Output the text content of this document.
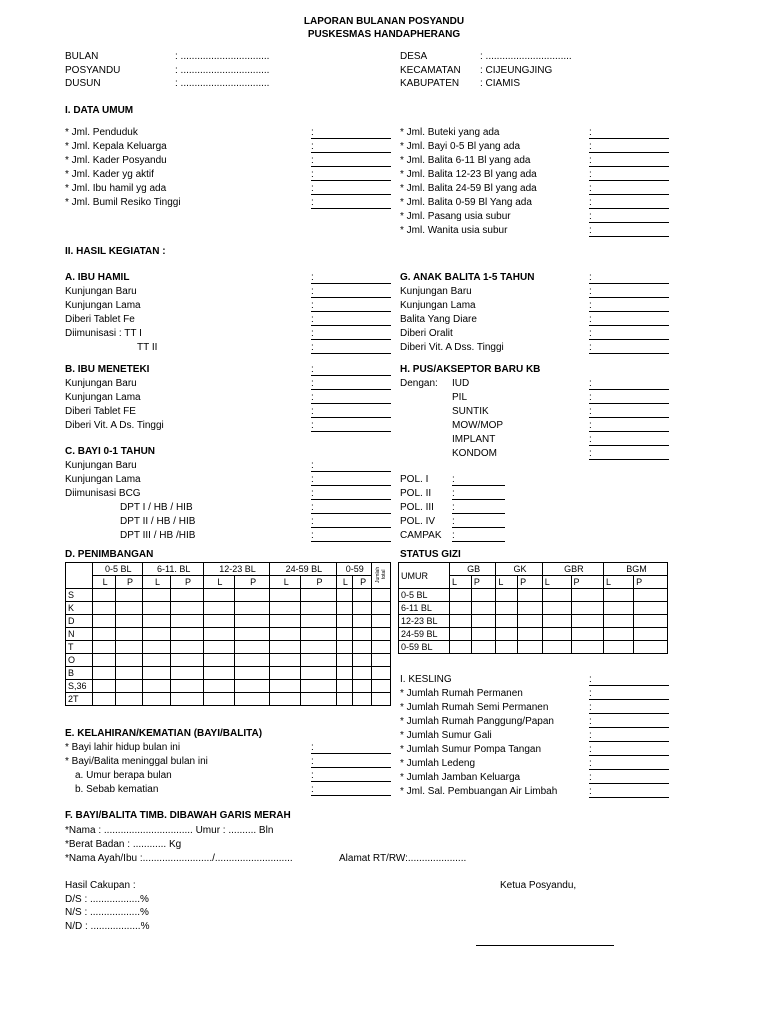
LAPORAN BULANAN POSYANDU
PUSKESMAS HANDAPHERANG
BULAN	: ................................
POSYANDU	: ................................
DUSUN	: ................................
DESA	: ...............................
KECAMATAN : CIJEUNGJING
KABUPATEN : CIAMIS
I. DATA UMUM
II. HASIL KEGIATAN :
D. PENIMBANGAN
	0-5 BL		6-11. BL		12-23 BL		24-59 BL		0-59		Jumlah total
	L	P	L	P	L	P	L	P	L	P	
S											
K											
D											
N											
T											
O											
B											
S,36											
2T											
STATUS GIZI
UMUR	GB		GK		GBR		BGM	
	L	P	L	P	L	P	L	P
0-5 BL								
6-11 BL								
12-23 BL								
24-59 BL								
0-59 BL								
F. BAYI/BALITA TIMB. DIBAWAH GARIS MERAH
*Nama : ................................ Umur : .......... Bln
*Berat Badan : ............ Kg
*Nama Ayah/Ibu :........................./............................	Alamat RT/RW:.....................
Hasil Cakupan :
D/S : ..................%
N/S : ..................%
N/D : ..................%
Ketua Posyandu,
* Jml. Penduduk	:
* Jml. Kepala Keluarga	:
* Jml. Kader Posyandu	:
* Jml. Kader yg aktif	:
* Jml. Ibu hamil yg ada	:
* Jml. Bumil Resiko Tinggi	:
* Jml. Buteki yang ada	:
* Jml. Bayi 0-5 Bl yang ada	:
* Jml. Balita 6-11 Bl yang ada	:
* Jml. Balita 12-23 Bl yang ada	:
* Jml. Balita 24-59 Bl yang ada	:
* Jml. Balita 0-59 Bl Yang ada	:
* Jml. Pasang usia subur	:
* Jml. Wanita usia subur	:
A. IBU HAMIL	:
Kunjungan Baru	:
Kunjungan Lama	:
Diberi Tablet Fe	:
Diimunisasi : TT I	:
TT II	:
B. IBU MENETEKI	:
Kunjungan Baru	:
Kunjungan Lama	:
Diberi Tablet FE	:
Diberi Vit. A Ds. Tinggi	:
C. BAYI 0-1 TAHUN
Kunjungan Baru	:
Kunjungan Lama	:
Diimunisasi BCG	:
DPT I / HB / HIB	:
DPT II / HB / HIB	:
DPT III / HB /HIB	:
G. ANAK BALITA 1-5 TAHUN	:
Kunjungan Baru	:
Kunjungan Lama	:
Balita Yang Diare	:
Diberi Oralit	:
Diberi Vit. A Dss. Tinggi	:
H. PUS/AKSEPTOR BARU KB
Dengan: IUD	:
PIL	:
SUNTIK	:
MOW/MOP	:
IMPLANT	:
KONDOM	:
POL. I :
POL. II :
POL. III :
POL. IV :
CAMPAK :
I. KESLING	:
* Jumlah Rumah Permanen	:
* Jumlah Rumah Semi Permanen	:
* Jumlah Rumah Panggung/Papan	:
* Jumlah Sumur Gali	:
* Jumlah Sumur Pompa Tangan	:
* Jumlah Ledeng	:
* Jumlah Jamban Keluarga	:
* Jml. Sal. Pembuangan Air Limbah	:
E. KELAHIRAN/KEMATIAN (BAYI/BALITA)
* Bayi lahir hidup bulan ini	:
* Bayi/Balita meninggal bulan ini	:
a. Umur berapa bulan	:
b. Sebab kematian	:
